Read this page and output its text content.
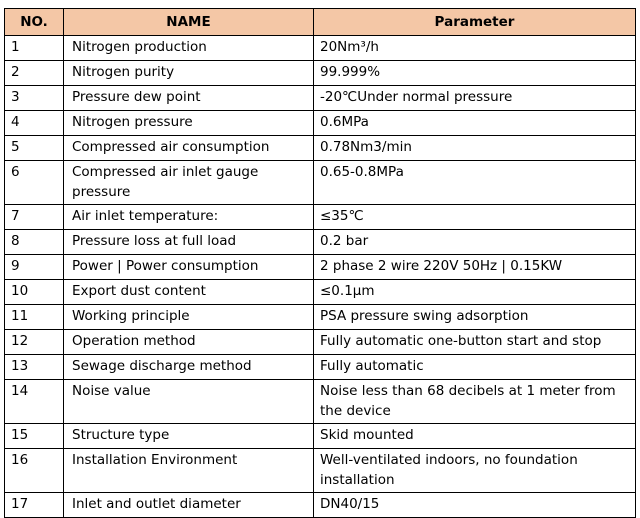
NO.	NAME	Parameter
1	Nitrogen production	20Nm³/h
2	Nitrogen purity	99.999%
3	Pressure dew point	-20℃Under normal pressure
4	Nitrogen pressure	0.6MPa
5	Compressed air consumption	0.78Nm3/min
6	Compressed air inlet gauge pressure	0.65-0.8MPa
7	Air inlet temperature:	≤35℃
8	Pressure loss at full load	0.2 bar
9	Power | Power consumption	2 phase 2 wire 220V 50Hz | 0.15KW
10	Export dust content	≤0.1μm
11	Working principle	PSA pressure swing adsorption
12	Operation method	Fully automatic one-button start and stop
13	Sewage discharge method	Fully automatic
14	Noise value	Noise less than 68 decibels at 1 meter from the device
15	Structure type	Skid mounted
16	Installation Environment	Well-ventilated indoors, no foundation installation
17	Inlet and outlet diameter	DN40/15
